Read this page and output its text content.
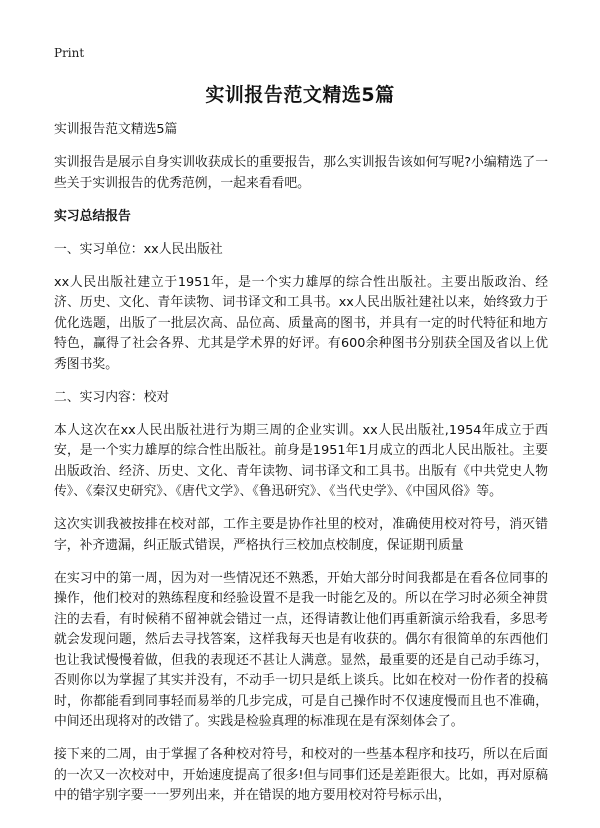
Print
实训报告范文精选5篇

实训报告范文精选5篇

实训报告是展示自身实训收获成长的重要报告，那么实训报告该如何写呢?小编精选了一些关于实训报告的优秀范例，一起来看看吧。

实习总结报告

一、实习单位：xx人民出版社

xx人民出版社建立于1951年，是一个实力雄厚的综合性出版社。主要出版政治、经济、历史、文化、青年读物、词书译文和工具书。xx人民出版社建社以来，始终致力于优化选题，出版了一批层次高、品位高、质量高的图书，并具有一定的时代特征和地方特色，赢得了社会各界、尤其是学术界的好评。有600余种图书分别获全国及省以上优秀图书奖。

二、实习内容：校对

本人这次在xx人民出版社进行为期三周的企业实训。xx人民出版社,1954年成立于西安，是一个实力雄厚的综合性出版社。前身是1951年1月成立的西北人民出版社。主要出版政治、经济、历史、文化、青年读物、词书译文和工具书。出版有《中共党史人物传》、《秦汉史研究》、《唐代文学》、《鲁迅研究》、《当代史学》、《中国风俗》等。

这次实训我被按排在校对部，工作主要是协作社里的校对，准确使用校对符号，消灭错字，补齐遗漏，纠正版式错误，严格执行三校加点校制度，保证期刊质量

在实习中的第一周，因为对一些情况还不熟悉，开始大部分时间我都是在看各位同事的操作，他们校对的熟练程度和经验设置不是我一时能乞及的。所以在学习时必须全神贯注的去看，有时候稍不留神就会错过一点，还得请教让他们再重新演示给我看，多思考就会发现问题，然后去寻找答案，这样我每天也是有收获的。偶尔有很简单的东西他们也让我试慢慢着做，但我的表现还不甚让人满意。显然，最重要的还是自己动手练习，否则你以为掌握了其实并没有，不动手一切只是纸上谈兵。比如在校对一份作者的投稿时，你都能看到同事轻而易举的几步完成，可是自己操作时不仅速度慢而且也不准确，中间还出现将对的改错了。实践是检验真理的标准现在是有深刻体会了。

接下来的二周，由于掌握了各种校对符号，和校对的一些基本程序和技巧，所以在后面的一次又一次校对中，开始速度提高了很多!但与同事们还是差距很大。比如，再对原稿中的错字别字要一一罗列出来，并在错误的地方要用校对符号标示出，
